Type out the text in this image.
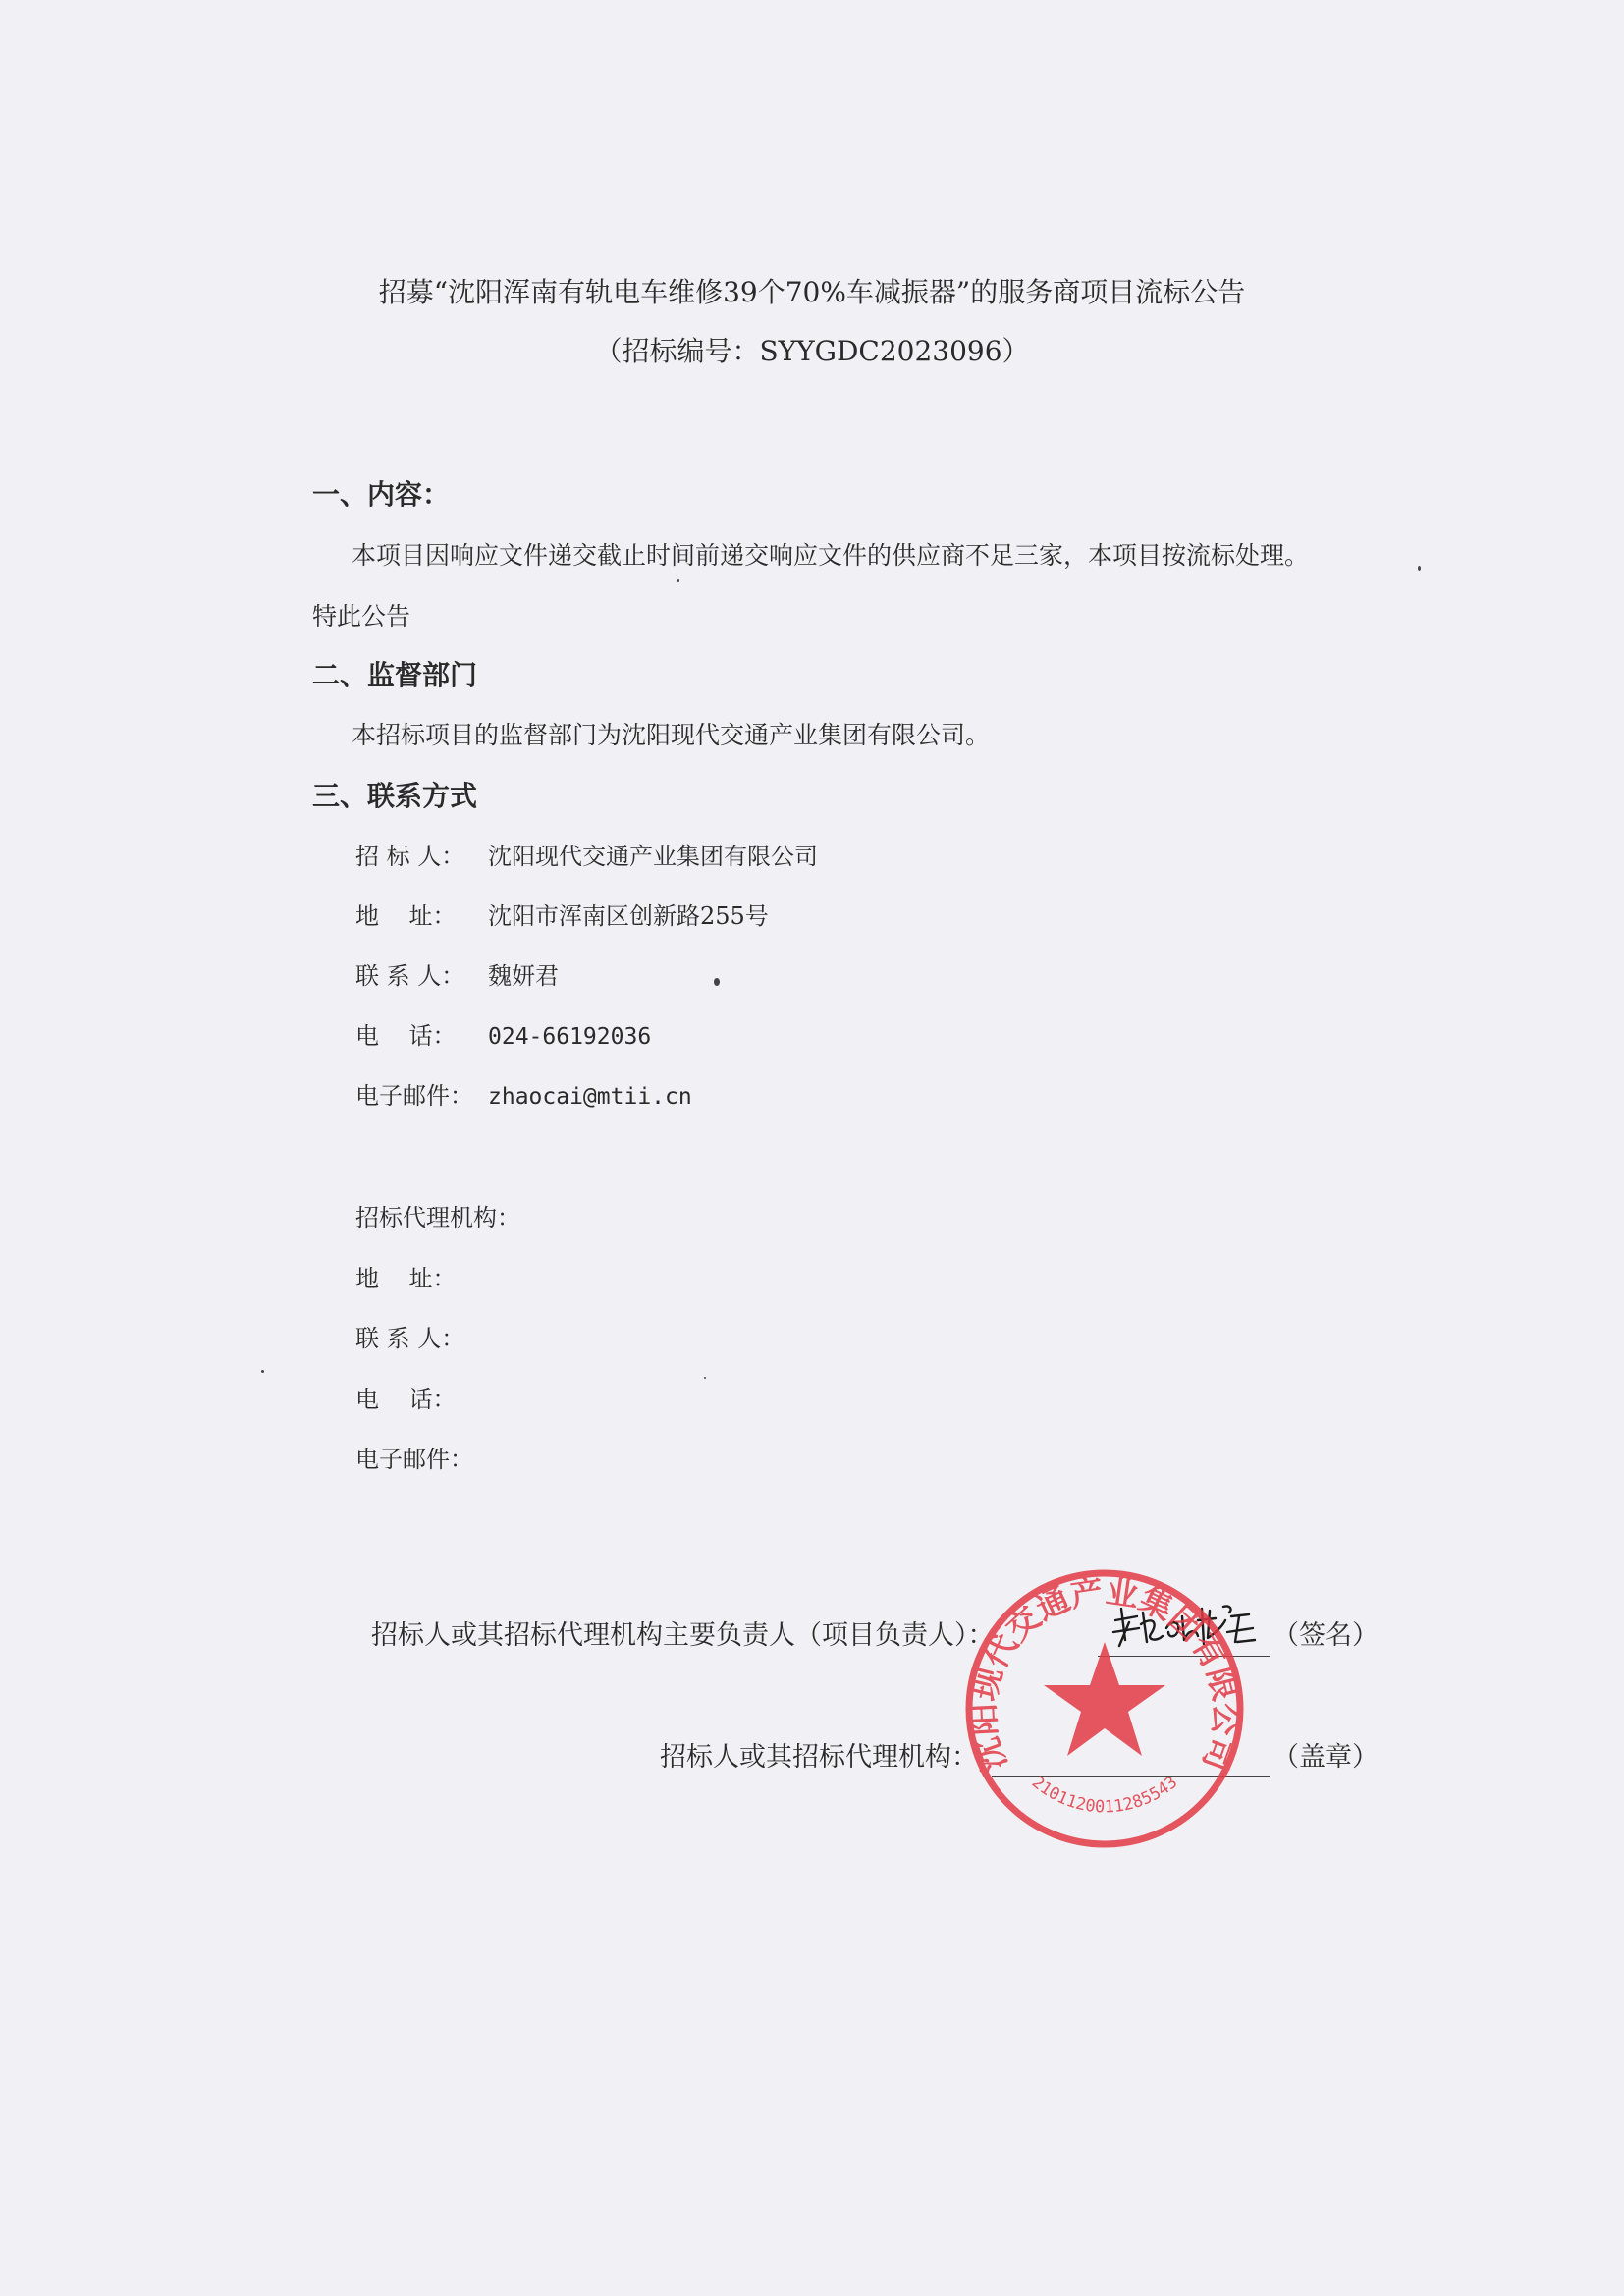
招募“沈阳浑南有轨电车维修39个70%车减振器”的服务商项目流标公告
（招标编号：SYYGDC2023096）
一、内容：
本项目因响应文件递交截止时间前递交响应文件的供应商不足三家，本项目按流标处理。
特此公告
二、监督部门
本招标项目的监督部门为沈阳现代交通产业集团有限公司。
三、联系方式
招 标 人： 沈阳现代交通产业集团有限公司
地    址： 沈阳市浑南区创新路255号
联 系 人： 魏妍君
电    话： 024-66192036
电子邮件： zhaocai@mtii.cn
招标代理机构：
地    址：
联 系 人：
电    话：
电子邮件：
招标人或其招标代理机构主要负责人（项目负责人）：	（签名）
招标人或其招标代理机构：	（盖章）
沈阳现代交通产业集团有限公司
2101120011285543
